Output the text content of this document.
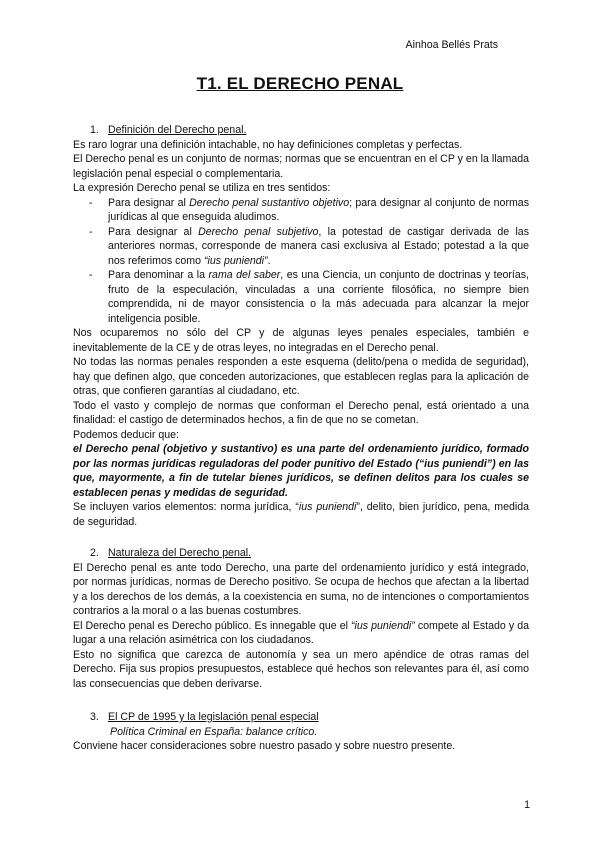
Ainhoa Bellés Prats
T1. EL DERECHO PENAL

1. Definición del Derecho penal.

Es raro lograr una definición intachable, no hay definiciones completas y perfectas.

El Derecho penal es un conjunto de normas; normas que se encuentran en el CP y en la llamada legislación penal especial o complementaria.

La expresión Derecho penal se utiliza en tres sentidos:

- Para designar al Derecho penal sustantivo objetivo; para designar al conjunto de normas jurídicas al que enseguida aludimos.
- Para designar al Derecho penal subjetivo, la potestad de castigar derivada de las anteriores normas, corresponde de manera casi exclusiva al Estado; potestad a la que nos referimos como “ius puniendi”.
- Para denominar a la rama del saber, es una Ciencia, un conjunto de doctrinas y teorías, fruto de la especulación, vinculadas a una corriente filosófica, no siempre bien comprendida, ni de mayor consistencia o la más adecuada para alcanzar la mejor inteligencia posible.

Nos ocuparemos no sólo del CP y de algunas leyes penales especiales, también e inevitablemente de la CE y de otras leyes, no integradas en el Derecho penal.

No todas las normas penales responden a este esquema (delito/pena o medida de seguridad), hay que definen algo, que conceden autorizaciones, que establecen reglas para la aplicación de otras, que confieren garantías al ciudadano, etc.

Todo el vasto y complejo de normas que conforman el Derecho penal, está orientado a una finalidad: el castigo de determinados hechos, a fin de que no se cometan.

Podemos deducir que:

el Derecho penal (objetivo y sustantivo) es una parte del ordenamiento jurídico, formado por las normas jurídicas reguladoras del poder punitivo del Estado (“ius puniendi”) en las que, mayormente, a fin de tutelar bienes jurídicos, se definen delitos para los cuales se establecen penas y medidas de seguridad.

Se incluyen varios elementos: norma jurídica, “ius puniendi”, delito, bien jurídico, pena, medida de seguridad.

2. Naturaleza del Derecho penal.

El Derecho penal es ante todo Derecho, una parte del ordenamiento jurídico y está integrado, por normas jurídicas, normas de Derecho positivo. Se ocupa de hechos que afectan a la libertad y a los derechos de los demás, a la coexistencia en suma, no de intenciones o comportamientos contrarios a la moral o a las buenas costumbres.

El Derecho penal es Derecho público. Es innegable que el “ius puniendi” compete al Estado y da lugar a una relación asimétrica con los ciudadanos.

Esto no significa que carezca de autonomía y sea un mero apéndice de otras ramas del Derecho. Fija sus propios presupuestos, establece qué hechos son relevantes para él, así como las consecuencias que deben derivarse.

3. El CP de 1995 y la legislación penal especial

Política Criminal en España: balance crítico.

Conviene hacer consideraciones sobre nuestro pasado y sobre nuestro presente.

1
